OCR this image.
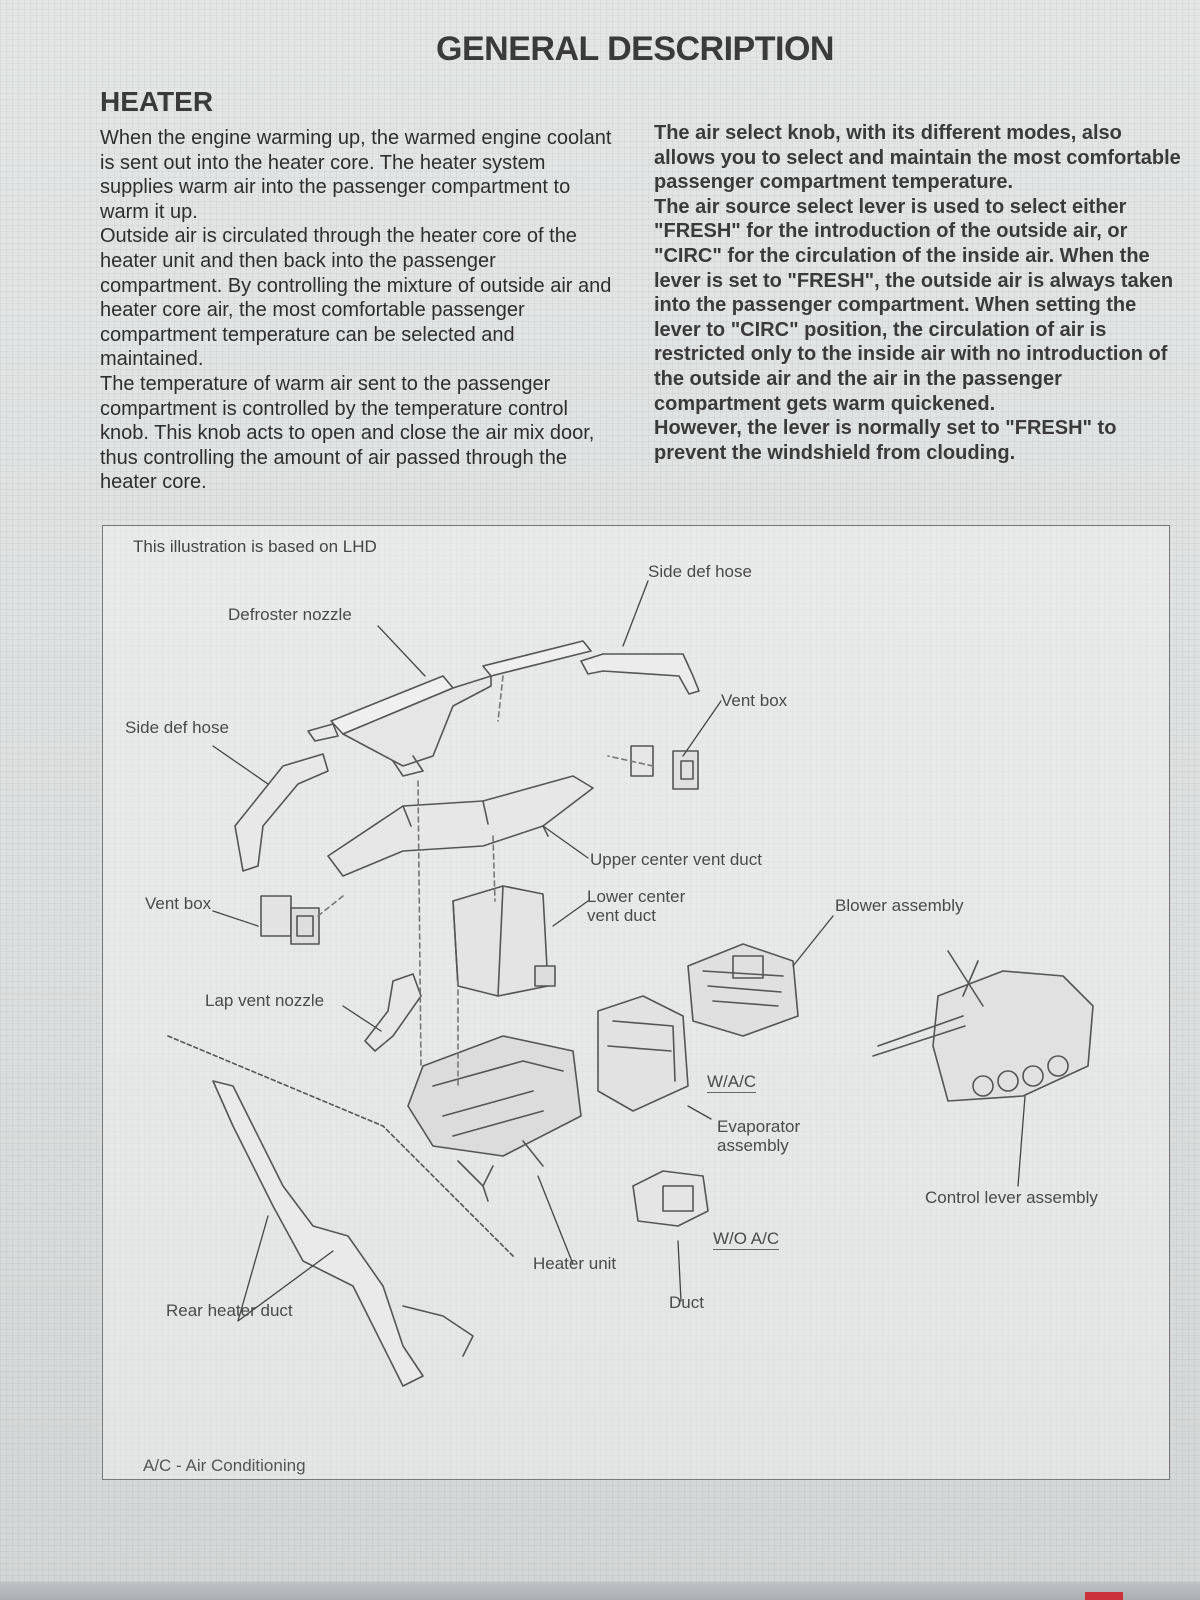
GENERAL DESCRIPTION
HEATER

When the engine warming up, the warmed engine coolant is sent out into the heater core. The heater system supplies warm air into the passenger compartment to warm it up.

Outside air is circulated through the heater core of the heater unit and then back into the passenger compartment. By controlling the mixture of outside air and heater core air, the most comfortable passenger compartment temperature can be selected and maintained.

The temperature of warm air sent to the passenger compartment is controlled by the temperature control knob. This knob acts to open and close the air mix door, thus controlling the amount of air passed through the heater core.

The air select knob, with its different modes, also allows you to select and maintain the most comfortable passenger compartment temperature.

The air source select lever is used to select either "FRESH" for the introduction of the outside air, or "CIRC" for the circulation of the inside air. When the lever is set to "FRESH", the outside air is always taken into the passenger compartment. When setting the lever to "CIRC" position, the circulation of air is restricted only to the inside air with no introduction of the outside air and the air in the passenger compartment gets warm quickened.

However, the lever is normally set to "FRESH" to prevent the windshield from clouding.

This illustration is based on LHD
Side def hose
Defroster nozzle
Vent box
Side def hose
Upper center vent duct
Lower center vent duct
Vent box	Blower assembly
Lap vent nozzle
W/A/C
Evaporator assembly
Control lever assembly
W/O A/C
Heater unit
Duct
Rear heater duct
A/C - Air Conditioning
